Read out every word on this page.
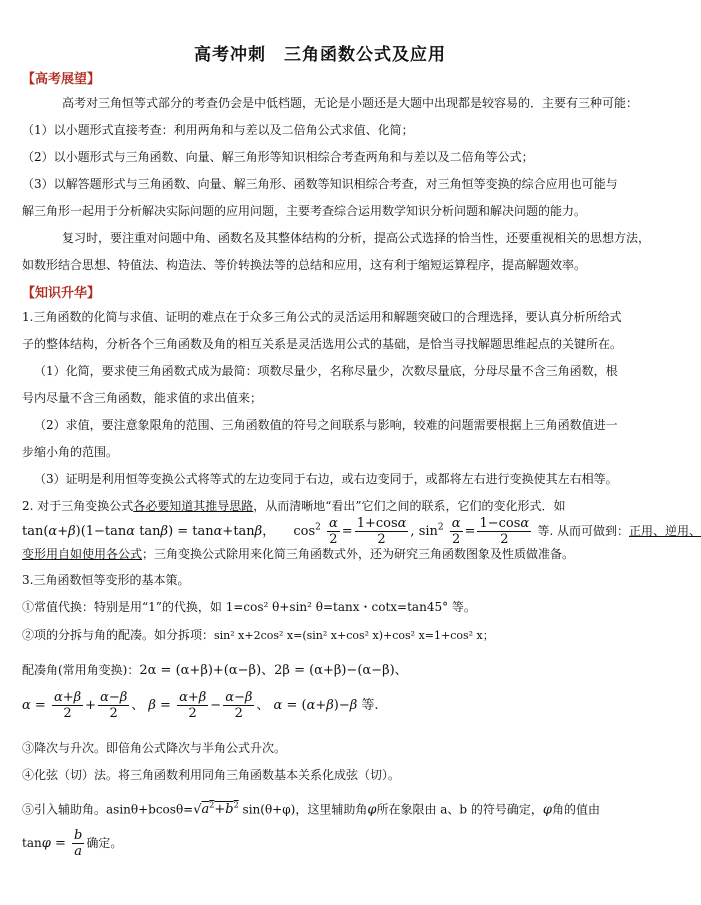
高考冲刺　三角函数公式及应用
【高考展望】
高考对三角恒等式部分的考查仍会是中低档题，无论是小题还是大题中出现都是较容易的．主要有三种可能：
（1）以小题形式直接考查：利用两角和与差以及二倍角公式求值、化简；
（2）以小题形式与三角函数、向量、解三角形等知识相综合考查两角和与差以及二倍角等公式；
（3）以解答题形式与三角函数、向量、解三角形、函数等知识相综合考查，对三角恒等变换的综合应用也可能与
解三角形一起用于分析解决实际问题的应用问题，主要考查综合运用数学知识分析问题和解决问题的能力。
复习时，要注重对问题中角、函数名及其整体结构的分析，提高公式选择的恰当性，还要重视相关的思想方法，
如数形结合思想、特值法、构造法、等价转换法等的总结和应用，这有利于缩短运算程序，提高解题效率。
【知识升华】
1.三角函数的化简与求值、证明的难点在于众多三角公式的灵活运用和解题突破口的合理选择，要认真分析所给式
子的整体结构，分析各个三角函数及角的相互关系是灵活选用公式的基础，是恰当寻找解题思维起点的关键所在。
（1）化简，要求使三角函数式成为最简：项数尽量少，名称尽量少，次数尽量底，分母尽量不含三角函数，根
号内尽量不含三角函数，能求值的求出值来；
（2）求值，要注意象限角的范围、三角函数值的符号之间联系与影响，较难的问题需要根据上三角函数值进一
步缩小角的范围。
（3）证明是利用恒等变换公式将等式的左边变同于右边，或右边变同于，或都将左右进行变换使其左右相等。
2. 对于三角变换公式各必要知道其推导思路，从而清晰地“看出”它们之间的联系，它们的变化形式．如
tan(α+β)(1−tanα tanβ) = tanα+tanβ， $\cos^2 \frac{\alpha}{2} = \frac{1+\cos\alpha}{2}$ , $\sin^2 \frac{\alpha}{2} = \frac{1-\cos\alpha}{2}$ 等. 从而可做到：正用、逆用、
变形用自如使用各公式；三角变换公式除用来化简三角函数式外，还为研究三角函数图象及性质做准备。
3.三角函数恒等变形的基本策。
①常值代换：特别是用“1”的代换，如 1=cos² θ+sin² θ=tanx・cotx=tan45° 等。
②项的分拆与角的配凑。如分拆项：sin² x+2cos² x=(sin² x+cos² x)+cos² x=1+cos² x；
配凑角(常用角变换)：2α = (α+β)+(α−β)、2β = (α+β)−(α−β)、
$\alpha = \frac{\alpha+\beta}{2} + \frac{\alpha-\beta}{2}$ 、 $\beta = \frac{\alpha+\beta}{2} - \frac{\alpha-\beta}{2}$ 、 α = (α+β)−β 等.
③降次与升次。即倍角公式降次与半角公式升次。
④化弦（切）法。将三角函数利用同角三角函数基本关系化成弦（切）。
⑤引入辅助角。$asin\theta+bcos\theta=√a^2+b^2$ sin(θ+φ)，这里辅助角φ所在象限由 a、b 的符号确定，φ角的值由
$\tan\varphi = \frac{b}{a}$ 确定。
